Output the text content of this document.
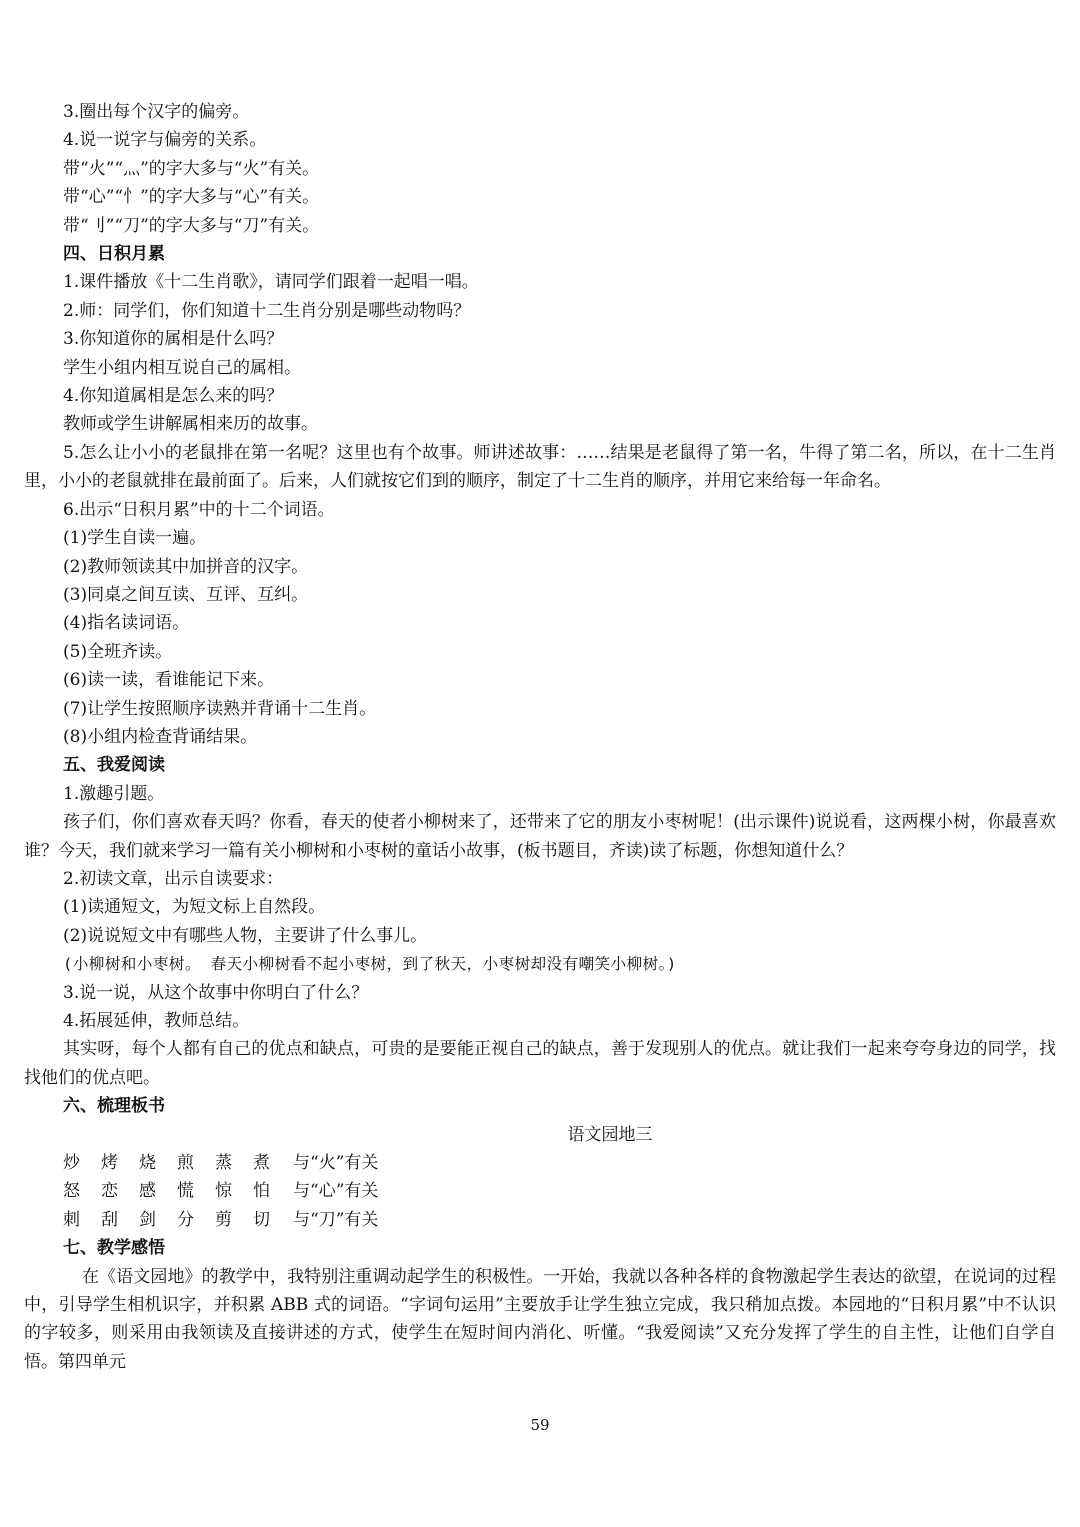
3.圈出每个汉字的偏旁。
4.说一说字与偏旁的关系。
带“火”“灬”的字大多与“火”有关。
带“心”“忄”的字大多与“心”有关。
带“刂”“刀”的字大多与“刀”有关。
四、日积月累
1.课件播放《十二生肖歌》，请同学们跟着一起唱一唱。
2.师：同学们，你们知道十二生肖分别是哪些动物吗？
3.你知道你的属相是什么吗？
学生小组内相互说自己的属相。
4.你知道属相是怎么来的吗？
教师或学生讲解属相来历的故事。
5.怎么让小小的老鼠排在第一名呢？这里也有个故事。师讲述故事：……结果是老鼠得了第一名，牛得了第二名，所以，在十二生肖里，小小的老鼠就排在最前面了。后来，人们就按它们到的顺序，制定了十二生肖的顺序，并用它来给每一年命名。
6.出示“日积月累”中的十二个词语。
(1)学生自读一遍。
(2)教师领读其中加拼音的汉字。
(3)同桌之间互读、互评、互纠。
(4)指名读词语。
(5)全班齐读。
(6)读一读，看谁能记下来。
(7)让学生按照顺序读熟并背诵十二生肖。
(8)小组内检查背诵结果。
五、我爱阅读
1.激趣引题。
孩子们，你们喜欢春天吗？你看，春天的使者小柳树来了，还带来了它的朋友小枣树呢！(出示课件)说说看，这两棵小树，你最喜欢谁？今天，我们就来学习一篇有关小柳树和小枣树的童话小故事，(板书题目，齐读)读了标题，你想知道什么？
2.初读文章，出示自读要求：
(1)读通短文，为短文标上自然段。
(2)说说短文中有哪些人物，主要讲了什么事儿。
(小柳树和小枣树。 春天小柳树看不起小枣树，到了秋天，小枣树却没有嘲笑小柳树。)
3.说一说，从这个故事中你明白了什么？
4.拓展延伸，教师总结。
其实呀，每个人都有自己的优点和缺点，可贵的是要能正视自己的缺点，善于发现别人的优点。就让我们一起来夸夸身边的同学，找找他们的优点吧。
六、梳理板书
语文园地三
炒	烤	烧	煎	蒸	煮	与“火”有关
怒	恋	感	慌	惊	怕	与“心”有关
刺	刮	剑	分	剪	切	与“刀”有关
七、教学感悟
在《语文园地》的教学中，我特别注重调动起学生的积极性。一开始，我就以各种各样的食物激起学生表达的欲望，在说词的过程中，引导学生相机识字，并积累 ABB 式的词语。“字词句运用”主要放手让学生独立完成，我只稍加点拨。本园地的“日积月累”中不认识的字较多，则采用由我领读及直接讲述的方式，使学生在短时间内消化、听懂。“我爱阅读”又充分发挥了学生的自主性，让他们自学自悟。第四单元
59
